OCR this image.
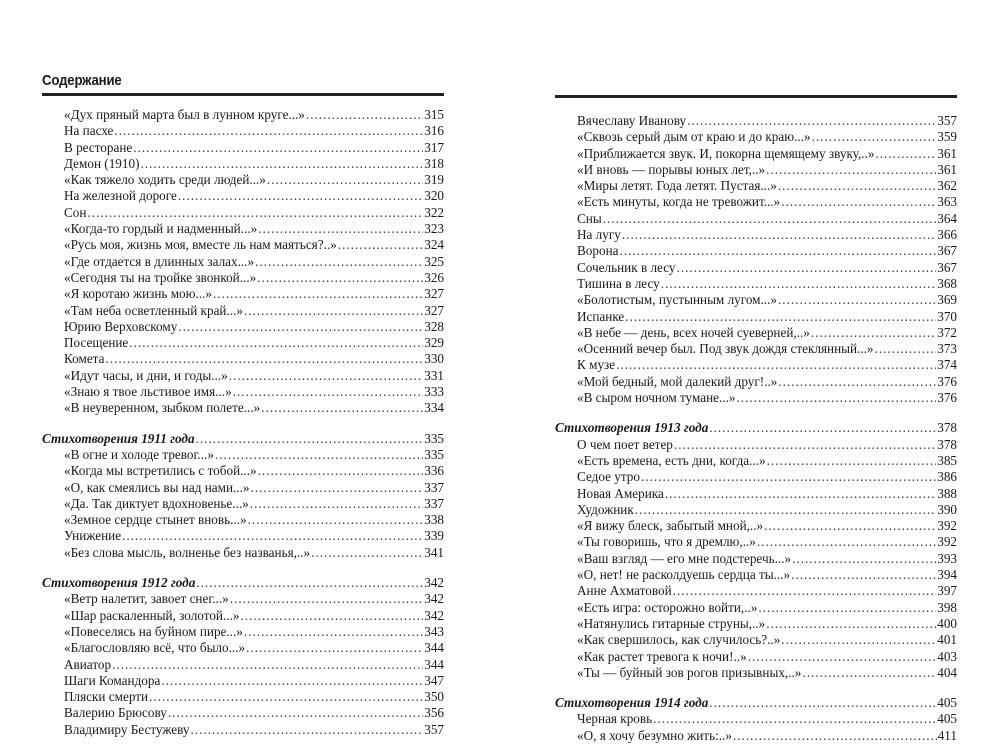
Содержание
«Дух пряный марта был в лунном круге...» .....	315
На пасхе .....	316
В ресторане .....	317
Демон (1910) .....	318
«Как тяжело ходить среди людей...» .....	319
На железной дороге .....	320
Сон .....	322
«Когда-то гордый и надменный...» .....	323
«Русь моя, жизнь моя, вместе ль нам маяться?..» .....	324
«Где отдается в длинных залах...» .....	325
«Сегодня ты на тройке звонкой...» .....	326
«Я коротаю жизнь мою...» .....	327
«Там неба осветленный край...» .....	327
Юрию Верховскому .....	328
Посещение .....	329
Комета .....	330
«Идут часы, и дни, и годы...» .....	331
«Знаю я твое льстивое имя...» .....	333
«В неуверенном, зыбком полете...» .....	334
Стихотворения 1911 года .....	335
«В огне и холоде тревог...» .....	335
«Когда мы встретились с тобой...» .....	336
«О, как смеялись вы над нами...» .....	337
«Да. Так диктует вдохновенье...» .....	337
«Земное сердце стынет вновь...» .....	338
Унижение .....	339
«Без слова мысль, волненье без названья,..» .....	341
Стихотворения 1912 года .....	342
«Ветр налетит, завоет снег...» .....	342
«Шар раскаленный, золотой...» .....	342
«Повеселясь на буйном пире...» .....	343
«Благословляю всё, что было...» .....	344
Авиатор .....	344
Шаги Командора .....	347
Пляски смерти .....	350
Валерию Брюсову .....	356
Владимиру Бестужеву .....	357
Вячеславу Иванову .....	357
«Сквозь серый дым от краю и до краю...» .....	359
«Приближается звук. И, покорна щемящему звуку,..» .....	361
«И вновь — порывы юных лет,..» .....	361
«Миры летят. Года летят. Пустая...» .....	362
«Есть минуты, когда не тревожит...» .....	363
Сны .....	364
На лугу .....	366
Ворона .....	367
Сочельник в лесу .....	367
Тишина в лесу .....	368
«Болотистым, пустынным лугом...» .....	369
Испанке .....	370
«В небе — день, всех ночей суеверней,..» .....	372
«Осенний вечер был. Под звук дождя стеклянный...» .....	373
К музе .....	374
«Мой бедный, мой далекий друг!..» .....	376
«В сыром ночном тумане...» .....	376
Стихотворения 1913 года .....	378
О чем поет ветер .....	378
«Есть времена, есть дни, когда...» .....	385
Седое утро .....	386
Новая Америка .....	388
Художник .....	390
«Я вижу блеск, забытый мной,..» .....	392
«Ты говоришь, что я дремлю,..» .....	392
«Ваш взгляд — его мне подстеречь...» .....	393
«О, нет! не расколдуешь сердца ты...» .....	394
Анне Ахматовой .....	397
«Есть игра: осторожно войти,..» .....	398
«Натянулись гитарные струны,..» .....	400
«Как свершилось, как случилось?..» .....	401
«Как растет тревога к ночи!..» .....	403
«Ты — буйный зов рогов призывных,..» .....	404
Стихотворения 1914 года .....	405
Черная кровь .....	405
«О, я хочу безумно жить:..» .....	411
